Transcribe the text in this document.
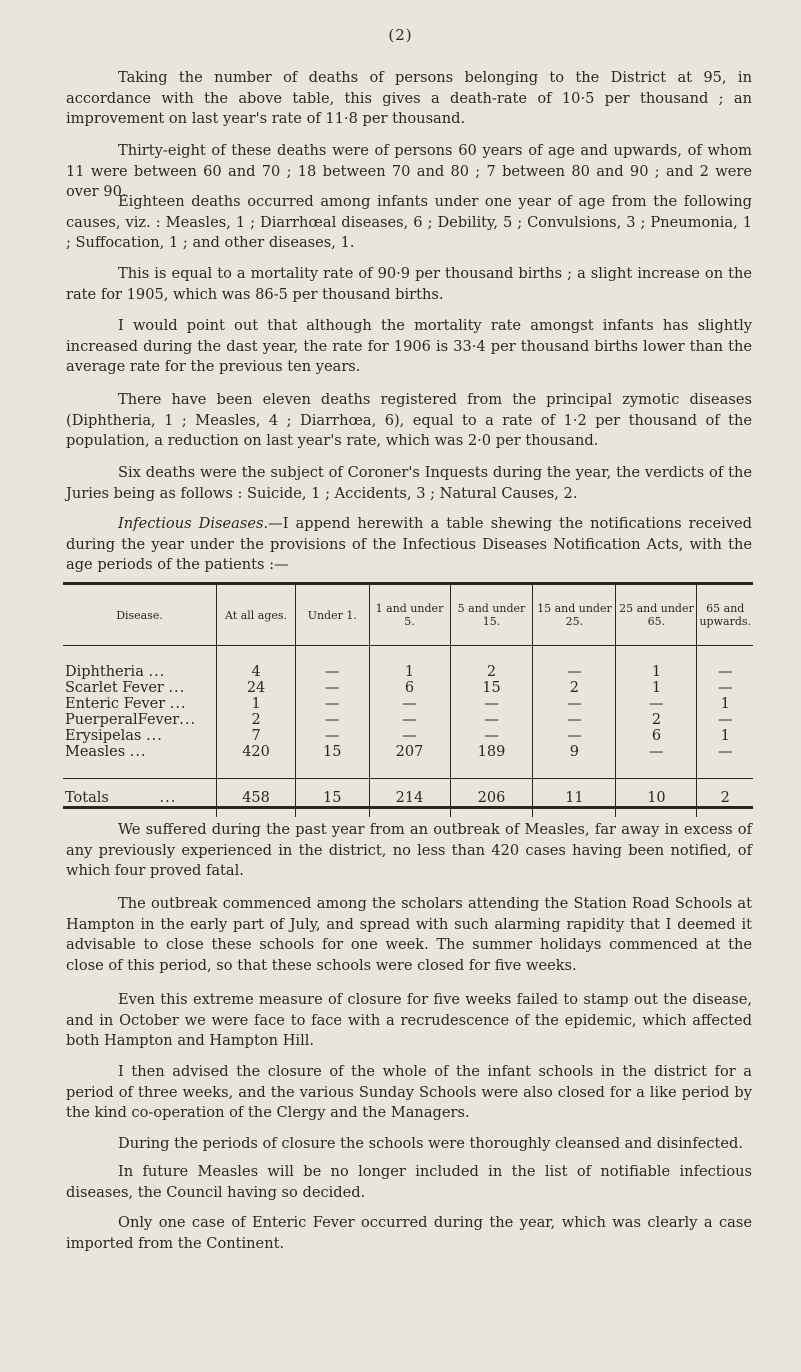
(2)

Taking the number of deaths of persons belonging to the District at 95, in accordance with the above table, this gives a death-rate of 10·5 per thousand ; an improvement on last year's rate of 11·8 per thousand.

Thirty-eight of these deaths were of persons 60 years of age and upwards, of whom 11 were between 60 and 70 ; 18 between 70 and 80 ; 7 between 80 and 90 ; and 2 were over 90.

Eighteen deaths occurred among infants under one year of age from the following causes, viz. : Measles, 1 ; Diarrhœal diseases, 6 ; Debility, 5 ; Convulsions, 3 ; Pneumonia, 1 ; Suffocation, 1 ; and other diseases, 1.

This is equal to a mortality rate of 90·9 per thousand births ; a slight increase on the rate for 1905, which was 86-5 per thousand births.

I would point out that although the mortality rate amongst infants has slightly increased during the dast year, the rate for 1906 is 33·4 per thousand births lower than the average rate for the previous ten years.

There have been eleven deaths registered from the principal zymotic diseases (Diphtheria, 1 ; Measles, 4 ; Diarrhœa, 6), equal to a rate of 1·2 per thousand of the population, a reduction on last year's rate, which was 2·0 per thousand.

Six deaths were the subject of Coroner's Inquests during the year, the verdicts of the Juries being as follows : Suicide, 1 ; Accidents, 3 ; Natural Causes, 2.

Infectious Diseases.—I append herewith a table shewing the notifications received during the year under the provisions of the Infectious Diseases Notification Acts, with the age periods of the patients :—

Disease.	At all ages.	Under 1.	1 and under 5.	5 and under 15.	15 and under 25.	25 and under 65.	65 and upwards.
Diphtheria ...	4	—	1	2	—	1	—
Scarlet Fever ...	24	—	6	15	2	1	—
Enteric Fever ...	1	—	—	—	—	—	1
PuerperalFever...	2	—	—	—	—	2	—
Erysipelas ...	7	—	—	—	—	6	1
Measles ...	420	15	207	189	9	—	—
Totals ...	458	15	214	206	11	10	2

We suffered during the past year from an outbreak of Measles, far away in excess of any previously experienced in the district, no less than 420 cases having been notified, of which four proved fatal.

The outbreak commenced among the scholars attending the Station Road Schools at Hampton in the early part of July, and spread with such alarming rapidity that I deemed it advisable to close these schools for one week. The summer holidays commenced at the close of this period, so that these schools were closed for five weeks.

Even this extreme measure of closure for five weeks failed to stamp out the disease, and in October we were face to face with a recrudescence of the epidemic, which affected both Hampton and Hampton Hill.

I then advised the closure of the whole of the infant schools in the district for a period of three weeks, and the various Sunday Schools were also closed for a like period by the kind co-operation of the Clergy and the Managers.

During the periods of closure the schools were thoroughly cleansed and disinfected.

In future Measles will be no longer included in the list of notifiable infectious diseases, the Council having so decided.

Only one case of Enteric Fever occurred during the year, which was clearly a case imported from the Continent.
